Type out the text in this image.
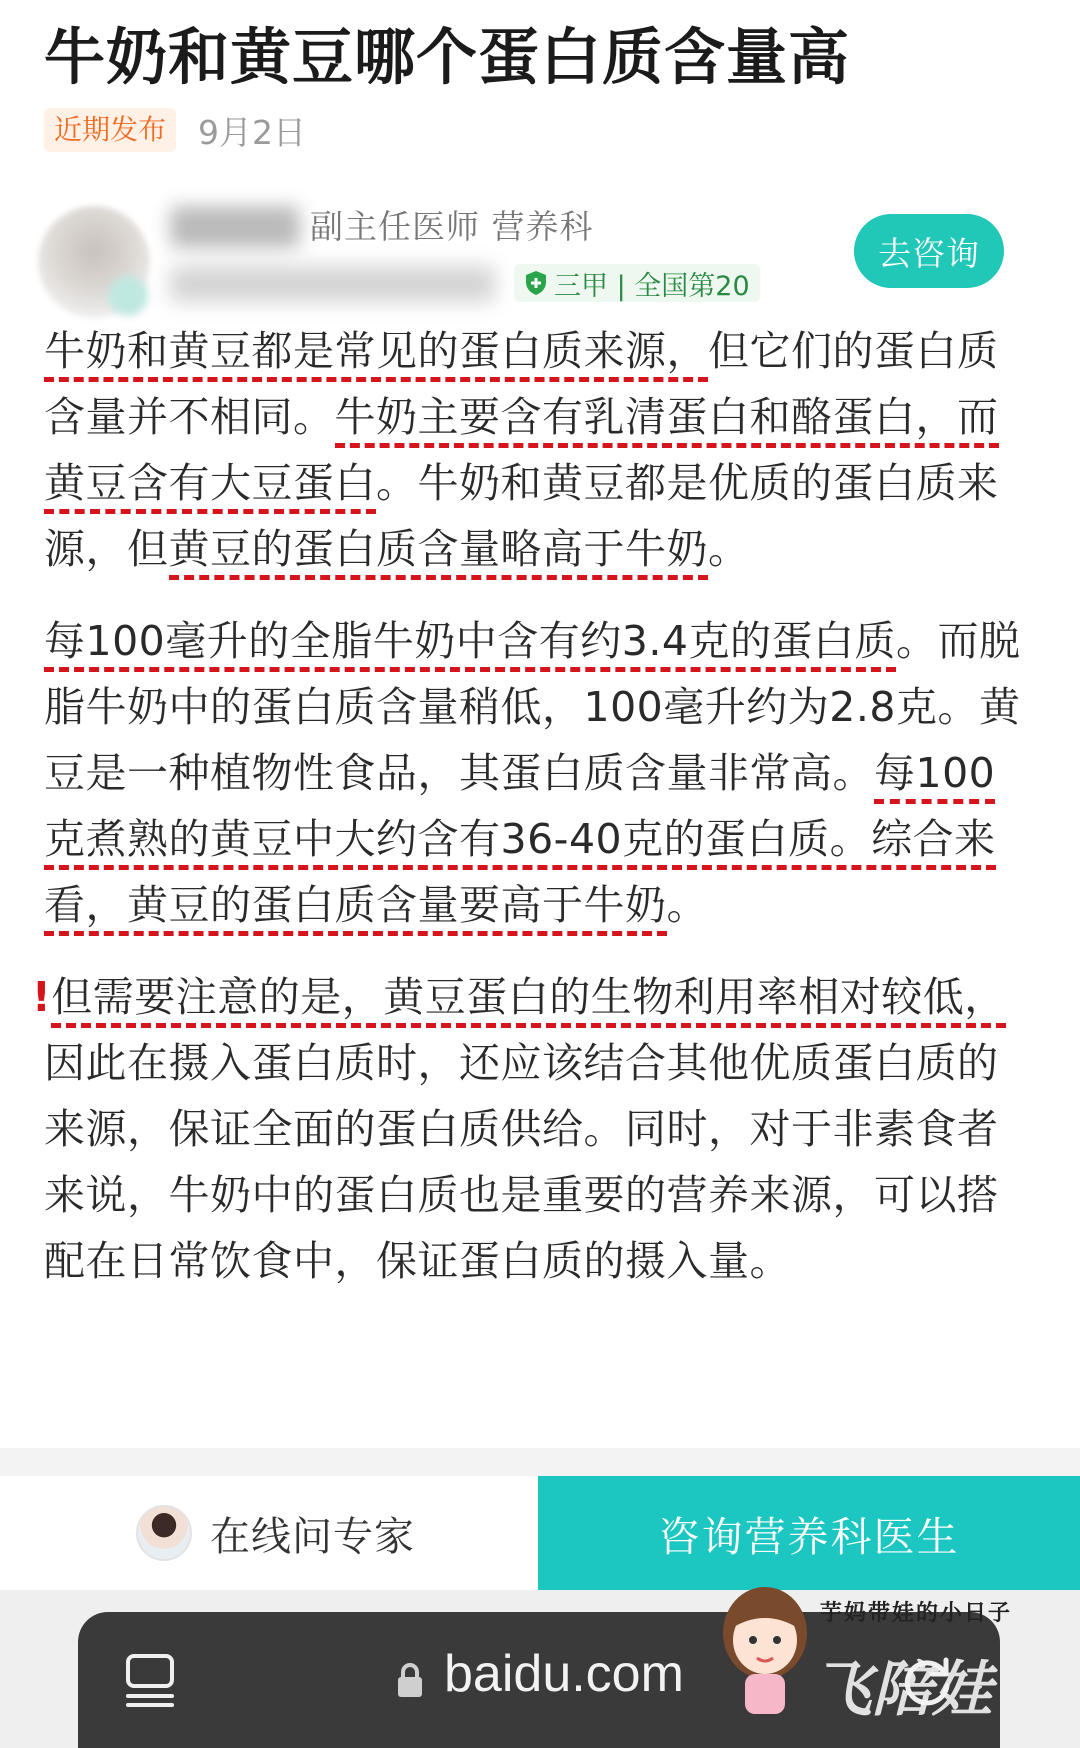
牛奶和黄豆哪个蛋白质含量高
近期发布 9月2日
副主任医师 营养科
三甲 | 全国第20
去咨询

牛奶和黄豆都是常见的蛋白质来源，但它们的蛋白质含量并不相同。牛奶主要含有乳清蛋白和酪蛋白，而黄豆含有大豆蛋白。牛奶和黄豆都是优质的蛋白质来源，但黄豆的蛋白质含量略高于牛奶。

每100毫升的全脂牛奶中含有约3.4克的蛋白质。而脱脂牛奶中的蛋白质含量稍低，100毫升约为2.8克。黄豆是一种植物性食品，其蛋白质含量非常高。每100克煮熟的黄豆中大约含有36-40克的蛋白质。综合来看，黄豆的蛋白质含量要高于牛奶。

!但需要注意的是，黄豆蛋白的生物利用率相对较低，因此在摄入蛋白质时，还应该结合其他优质蛋白质的来源，保证全面的蛋白质供给。同时，对于非素食者来说，牛奶中的蛋白质也是重要的营养来源，可以搭配在日常饮食中，保证蛋白质的摄入量。

在线问专家	咨询营养科医生
baidu.com
芋妈带娃的小日子
飞陪娃
